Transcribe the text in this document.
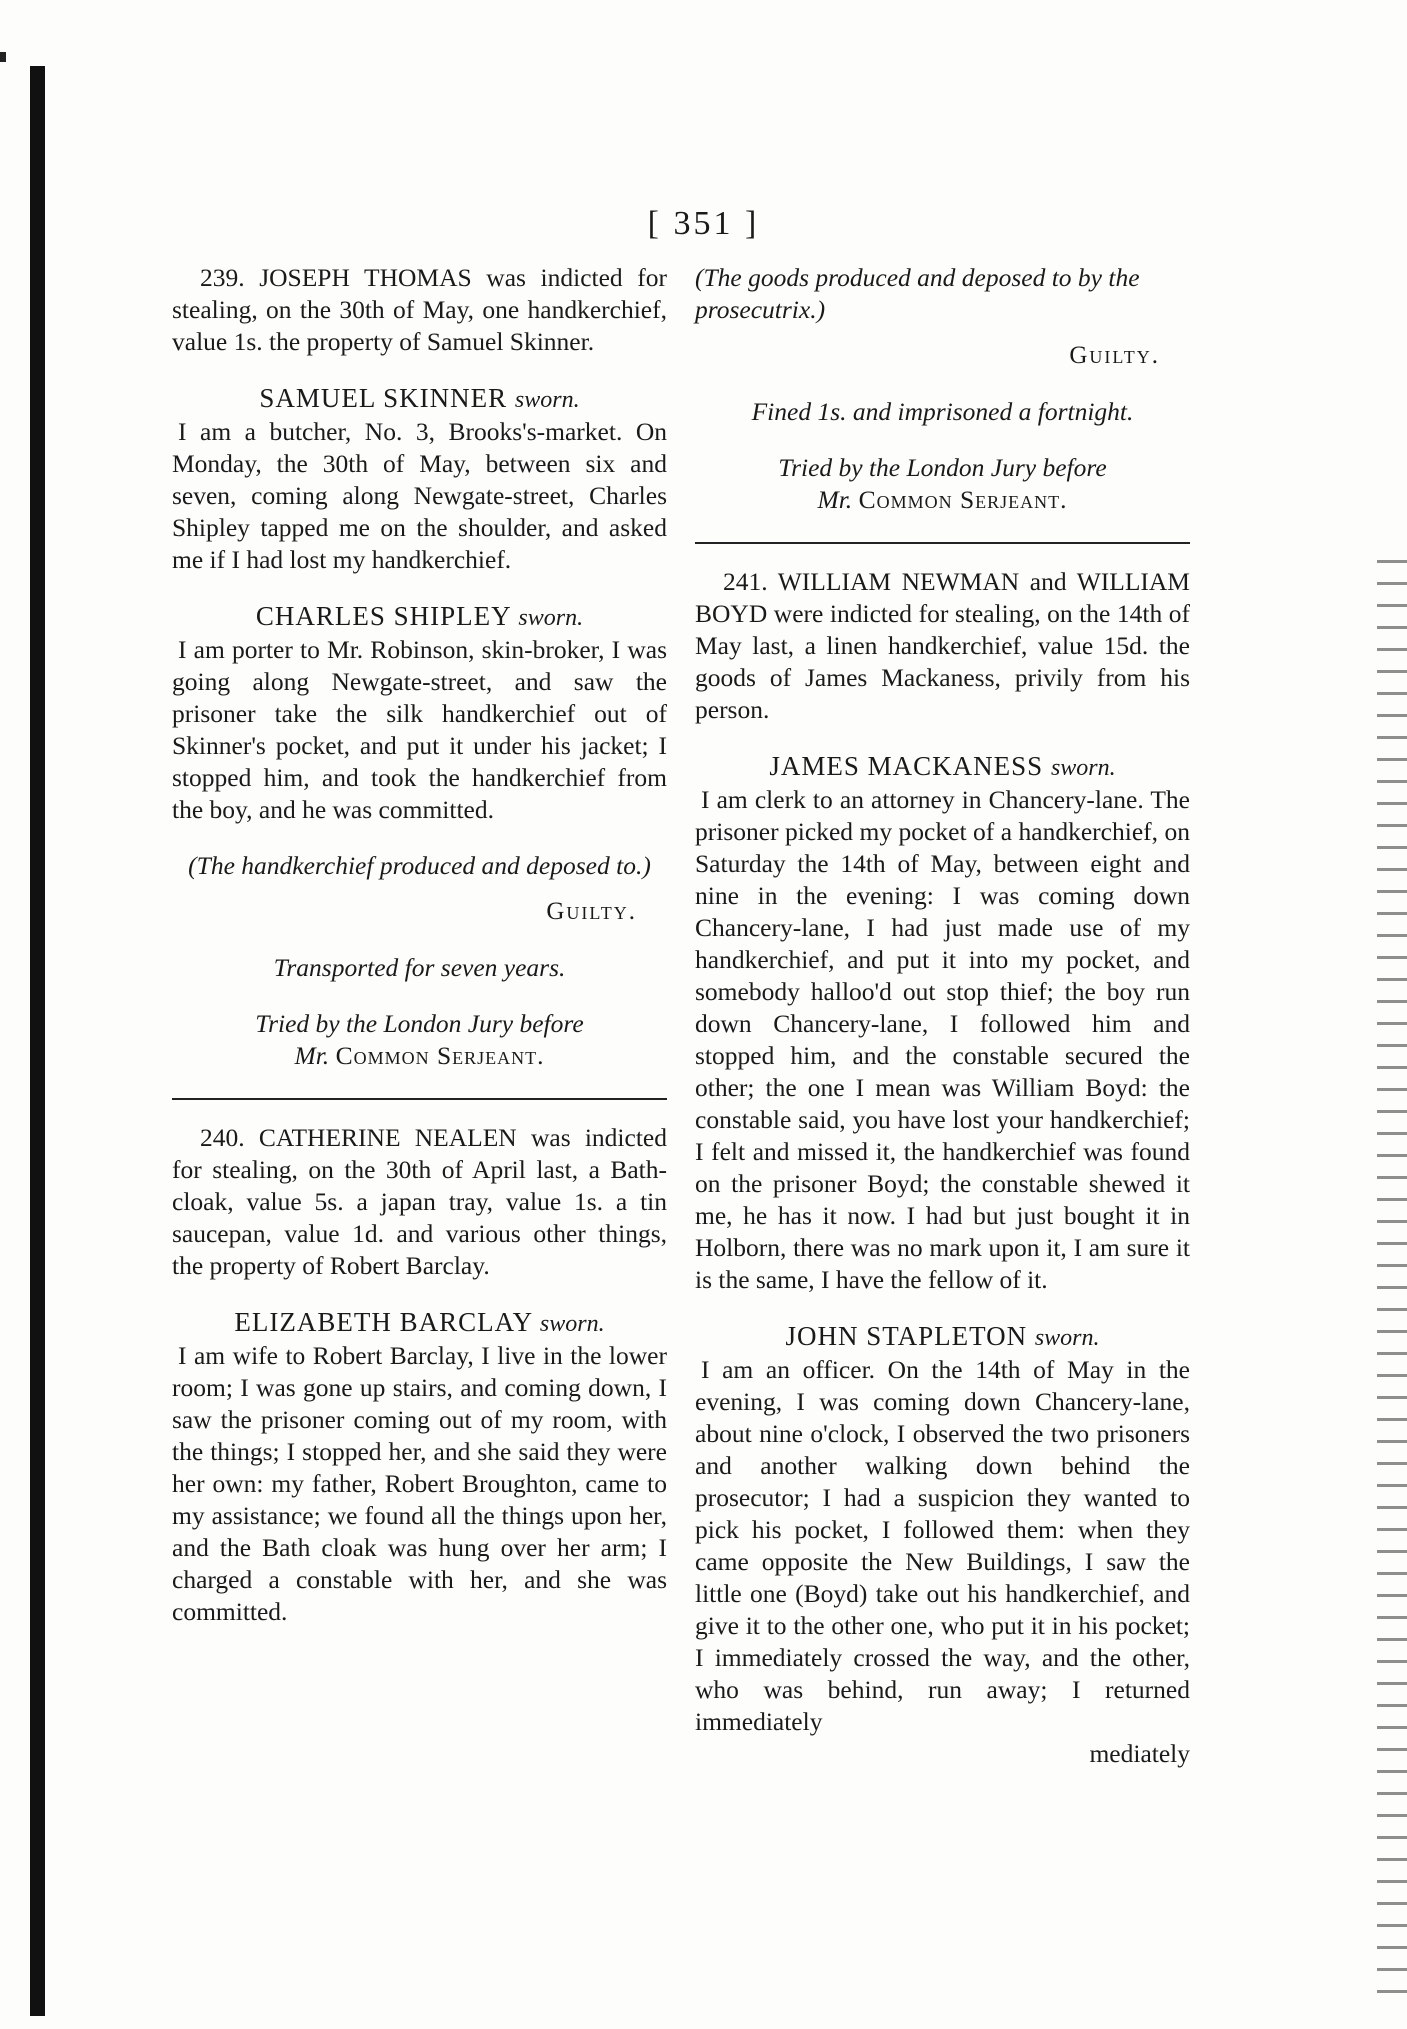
[ 351 ]

239. JOSEPH THOMAS was indicted for stealing, on the 30th of May, one handkerchief, value 1s. the property of Samuel Skinner.

SAMUEL SKINNER sworn.

I am a butcher, No. 3, Brooks's-market. On Monday, the 30th of May, between six and seven, coming along Newgate-street, Charles Shipley tapped me on the shoulder, and asked me if I had lost my handkerchief.

CHARLES SHIPLEY sworn.

I am porter to Mr. Robinson, skin-broker, I was going along Newgate-street, and saw the prisoner take the silk handkerchief out of Skinner's pocket, and put it under his jacket; I stopped him, and took the handkerchief from the boy, and he was committed.

(The handkerchief produced and deposed to.)

Guilty.

Transported for seven years.

Tried by the London Jury before
Mr. Common Serjeant.

240. CATHERINE NEALEN was indicted for stealing, on the 30th of April last, a Bath-cloak, value 5s. a japan tray, value 1s. a tin saucepan, value 1d. and various other things, the property of Robert Barclay.

ELIZABETH BARCLAY sworn.

I am wife to Robert Barclay, I live in the lower room; I was gone up stairs, and coming down, I saw the prisoner coming out of my room, with the things; I stopped her, and she said they were her own: my father, Robert Broughton, came to my assistance; we found all the things upon her, and the Bath cloak was hung over her arm; I charged a constable with her, and she was committed.

(The goods produced and deposed to by the prosecutrix.)

Guilty.

Fined 1s. and imprisoned a fortnight.

Tried by the London Jury before
Mr. Common Serjeant.

241. WILLIAM NEWMAN and WILLIAM BOYD were indicted for stealing, on the 14th of May last, a linen handkerchief, value 15d. the goods of James Mackaness, privily from his person.

JAMES MACKANESS sworn.

I am clerk to an attorney in Chancery-lane. The prisoner picked my pocket of a handkerchief, on Saturday the 14th of May, between eight and nine in the evening: I was coming down Chancery-lane, I had just made use of my handkerchief, and put it into my pocket, and somebody halloo'd out stop thief; the boy run down Chancery-lane, I followed him and stopped him, and the constable secured the other; the one I mean was William Boyd: the constable said, you have lost your handkerchief; I felt and missed it, the handkerchief was found on the prisoner Boyd; the constable shewed it me, he has it now. I had but just bought it in Holborn, there was no mark upon it, I am sure it is the same, I have the fellow of it.

JOHN STAPLETON sworn.

I am an officer. On the 14th of May in the evening, I was coming down Chancery-lane, about nine o'clock, I observed the two prisoners and another walking down behind the prosecutor; I had a suspicion they wanted to pick his pocket, I followed them: when they came opposite the New Buildings, I saw the little one (Boyd) take out his handkerchief, and give it to the other one, who put it in his pocket; I immediately crossed the way, and the other, who was behind, run away; I returned immediately

mediately
